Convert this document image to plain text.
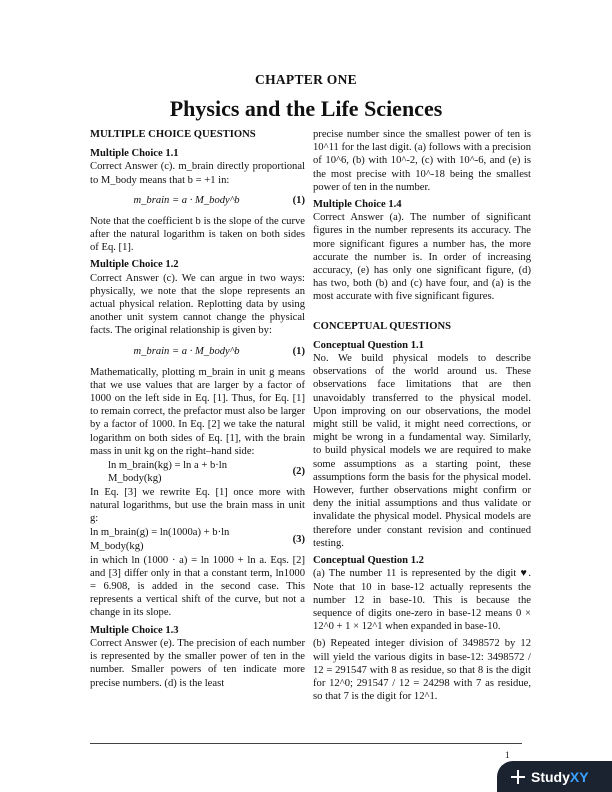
CHAPTER ONE
Physics and the Life Sciences
MULTIPLE CHOICE QUESTIONS
Multiple Choice 1.1

Correct Answer (c). m_brain directly proportional to M_body means that b = +1 in:

m_brain = a · M_body^b	(1)

Note that the coefficient b is the slope of the curve after the natural logarithm is taken on both sides of Eq. [1].

Multiple Choice 1.2

Correct Answer (c). We can argue in two ways: physically, we note that the slope represents an actual physical relation. Replotting data by using another unit system cannot change the physical facts. The original relationship is given by:

m_brain = a · M_body^b	(1)

Mathematically, plotting m_brain in unit g means that we use values that are larger by a factor of 1000 on the left side in Eq. [1]. Thus, for Eq. [1] to remain correct, the prefactor must also be larger by a factor of 1000. In Eq. [2] we take the natural logarithm on both sides of Eq. [1], with the brain mass in unit kg on the right–hand side:

ln m_brain(kg) = ln a + b·ln M_body(kg)
(2)

In Eq. [3] we rewrite Eq. [1] once more with natural logarithms, but use the brain mass in unit g:

ln m_brain(g) = ln(1000a) + b·ln M_body(kg)
(3)

in which ln (1000 · a) = ln 1000 + ln a. Eqs. [2] and [3] differ only in that a constant term, ln1000 = 6.908, is added in the second case. This represents a vertical shift of the curve, but not a change in its slope.

Multiple Choice 1.3

Correct Answer (e). The precision of each number is represented by the smaller power of ten in the number. Smaller powers of ten indicate more precise numbers. (d) is the least

precise number since the smallest power of ten is 10^11 for the last digit. (a) follows with a precision of 10^6, (b) with 10^-2, (c) with 10^-6, and (e) is the most precise with 10^-18 being the smallest power of ten in the number.

Multiple Choice 1.4

Correct Answer (a). The number of significant figures in the number represents its accuracy. The more significant figures a number has, the more accurate the number is. In order of increasing accuracy, (e) has only one significant figure, (d) has two, both (b) and (c) have four, and (a) is the most accurate with five significant figures.

CONCEPTUAL QUESTIONS
Conceptual Question 1.1

No. We build physical models to describe observations of the world around us. These observations face limitations that are then unavoidably transferred to the physical model. Upon improving on our observations, the model might still be valid, it might need corrections, or might be wrong in a fundamental way. Similarly, to build physical models we are required to make some assumptions as a starting point, these assumptions form the basis for the physical model. However, further observations might confirm or deny the initial assumptions and thus validate or invalidate the physical model. Physical models are therefore under constant revision and continued testing.

Conceptual Question 1.2

(a) The number 11 is represented by the digit ♥. Note that 10 in base-12 actually represents the number 12 in base-10. This is because the sequence of digits one-zero in base-12 means 0 × 12^0 + 1 × 12^1 when expanded in base-10.

(b) Repeated integer division of 3498572 by 12 will yield the various digits in base-12: 3498572 / 12 = 291547 with 8 as residue, so that 8 is the digit for 12^0; 291547 / 12 = 24298 with 7 as residue, so that 7 is the digit for 12^1.

1
StudyXY
